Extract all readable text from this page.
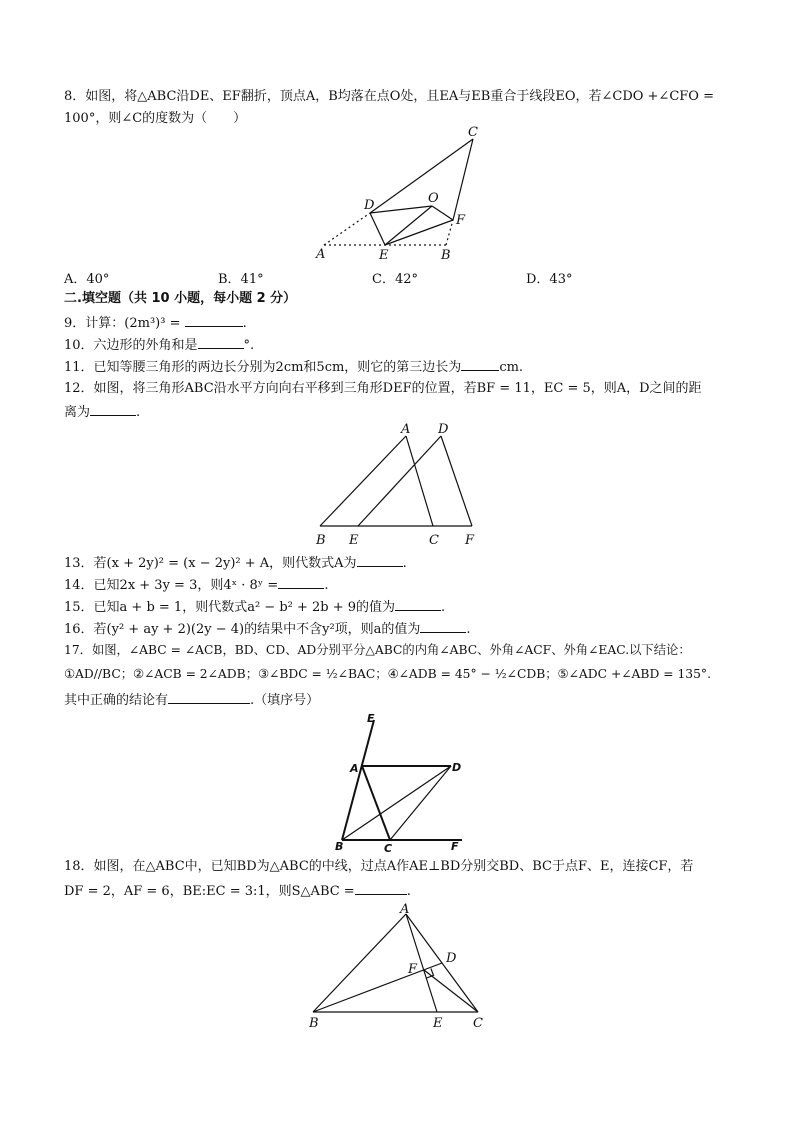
8．如图，将△ABC沿DE、EF翻折，顶点A，B均落在点O处，且EA与EB重合于线段EO，若∠CDO +∠CFO =
100°，则∠C的度数为（　　）
C
D	O
F
A	E	B
A．40°	B．41°	C．42°	D．43°
二.填空题（共 10 小题，每小题 2 分）
9．计算：(2m³)³ =	.
10．六边形的外角和是	°.
11．已知等腰三角形的两边长分别为2cm和5cm，则它的第三边长为	cm.
12．如图，将三角形ABC沿水平方向向右平移到三角形DEF的位置，若BF = 11，EC = 5，则A，D之间的距
离为	.
A D
B E	C F
13．若(x + 2y)² = (x − 2y)² + A，则代数式A为	.
14．已知2x + 3y = 3，则4ˣ · 8ʸ =	.
15．已知a + b = 1，则代数式a² − b² + 2b + 9的值为	.
16．若(y² + ay + 2)(2y − 4)的结果中不含y²项，则a的值为	.
17．如图，∠ABC = ∠ACB，BD、CD、AD分别平分△ABC的内角∠ABC、外角∠ACF、外角∠EAC.以下结论：
①AD//BC；②∠ACB = 2∠ADB；③∠BDC = ½∠BAC；④∠ADB = 45° − ½∠CDB；⑤∠ADC +∠ABD = 135°.
其中正确的结论有	.（填序号）
E
A	D
B	C	F
18．如图，在△ABC中，已知BD为△ABC的中线，过点A作AE⊥BD分别交BD、BC于点F、E，连接CF，若
DF = 2，AF = 6，BE:EC = 3:1，则S△ABC =	.
A
D
F
B	E C
